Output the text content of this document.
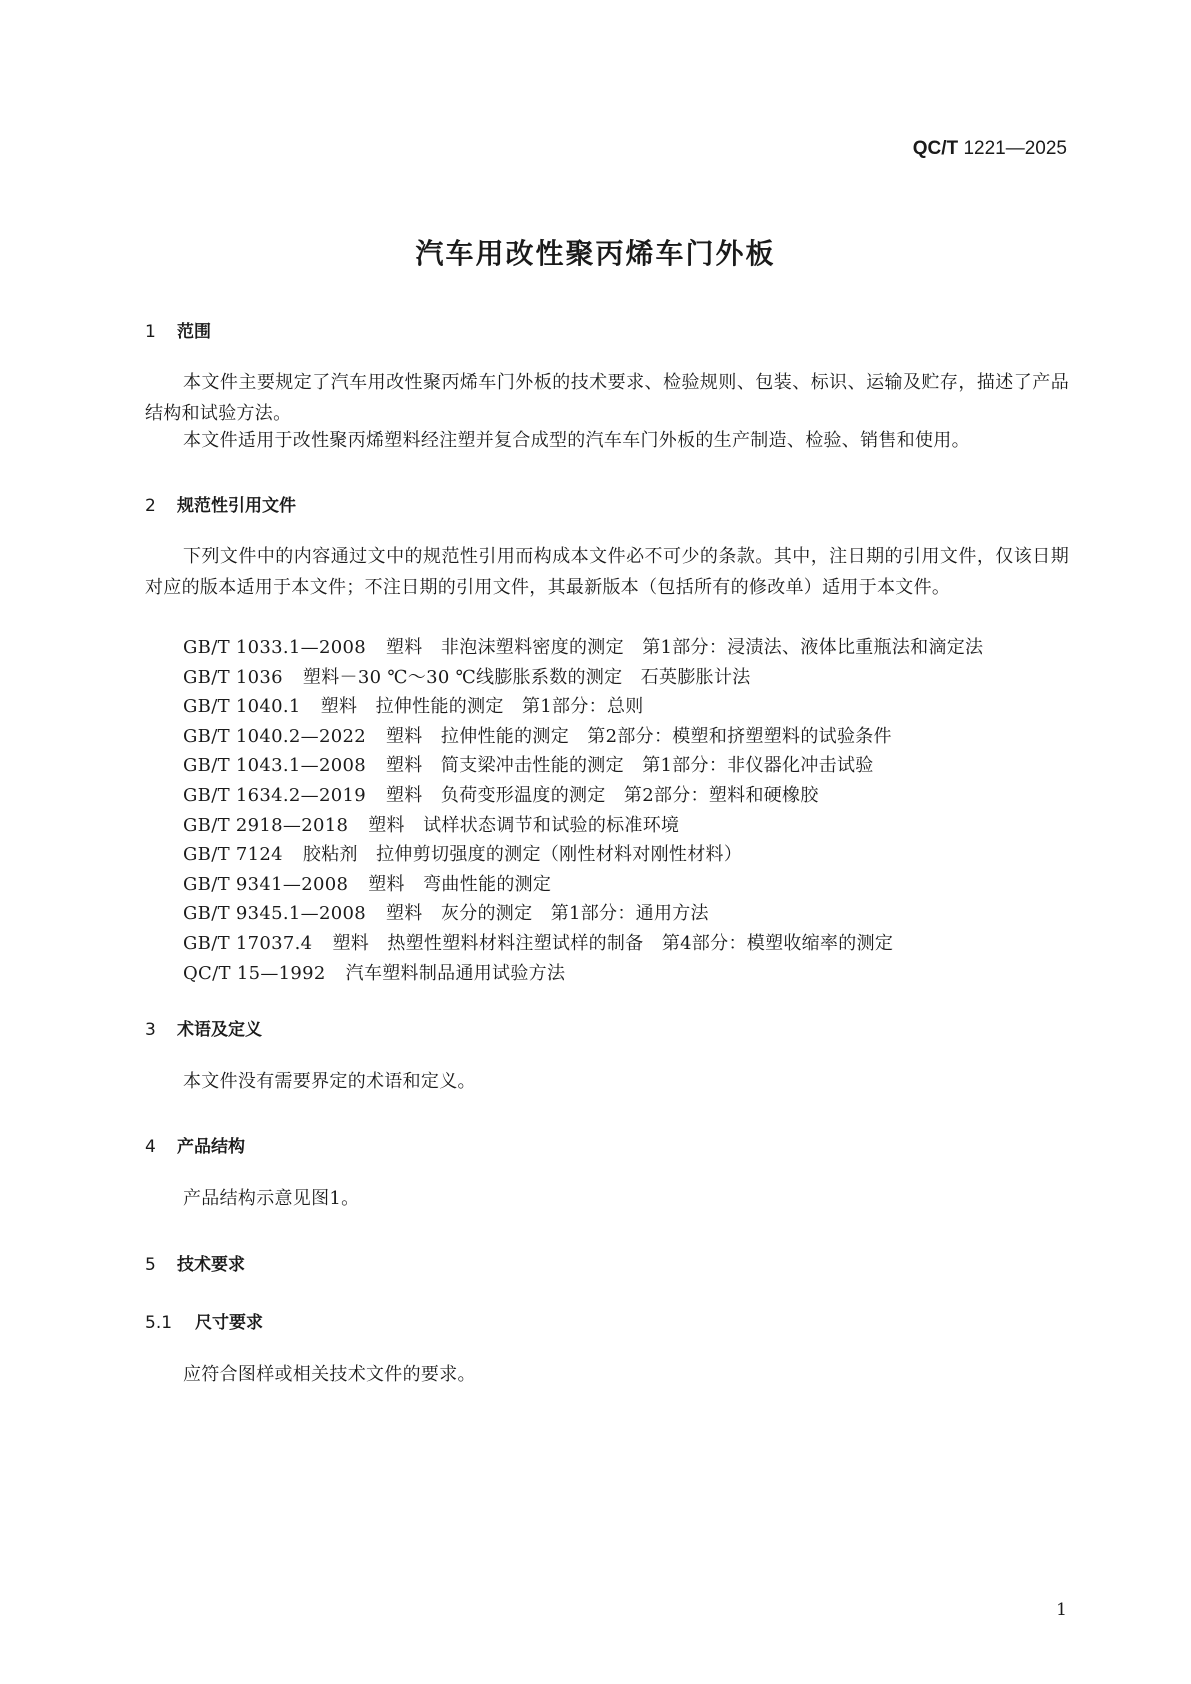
QC/T 1221—2025
汽车用改性聚丙烯车门外板
1 范围
本文件主要规定了汽车用改性聚丙烯车门外板的技术要求、检验规则、包装、标识、运输及贮存，描述了产品结构和试验方法。
本文件适用于改性聚丙烯塑料经注塑并复合成型的汽车车门外板的生产制造、检验、销售和使用。
2 规范性引用文件
下列文件中的内容通过文中的规范性引用而构成本文件必不可少的条款。其中，注日期的引用文件，仅该日期对应的版本适用于本文件；不注日期的引用文件，其最新版本（包括所有的修改单）适用于本文件。
GB/T 1033.1—2008 塑料　非泡沫塑料密度的测定　第1部分：浸渍法、液体比重瓶法和滴定法
GB/T 1036 塑料－30 ℃～30 ℃线膨胀系数的测定　石英膨胀计法
GB/T 1040.1 塑料　拉伸性能的测定　第1部分：总则
GB/T 1040.2—2022 塑料　拉伸性能的测定　第2部分：模塑和挤塑塑料的试验条件
GB/T 1043.1—2008 塑料　简支梁冲击性能的测定　第1部分：非仪器化冲击试验
GB/T 1634.2—2019 塑料　负荷变形温度的测定　第2部分：塑料和硬橡胶
GB/T 2918—2018 塑料　试样状态调节和试验的标准环境
GB/T 7124 胶粘剂　拉伸剪切强度的测定（刚性材料对刚性材料）
GB/T 9341—2008 塑料　弯曲性能的测定
GB/T 9345.1—2008 塑料　灰分的测定　第1部分：通用方法
GB/T 17037.4 塑料　热塑性塑料材料注塑试样的制备　第4部分：模塑收缩率的测定
QC/T 15—1992 汽车塑料制品通用试验方法
3 术语及定义
本文件没有需要界定的术语和定义。
4 产品结构
产品结构示意见图1。
5 技术要求
5.1 尺寸要求
应符合图样或相关技术文件的要求。
1
